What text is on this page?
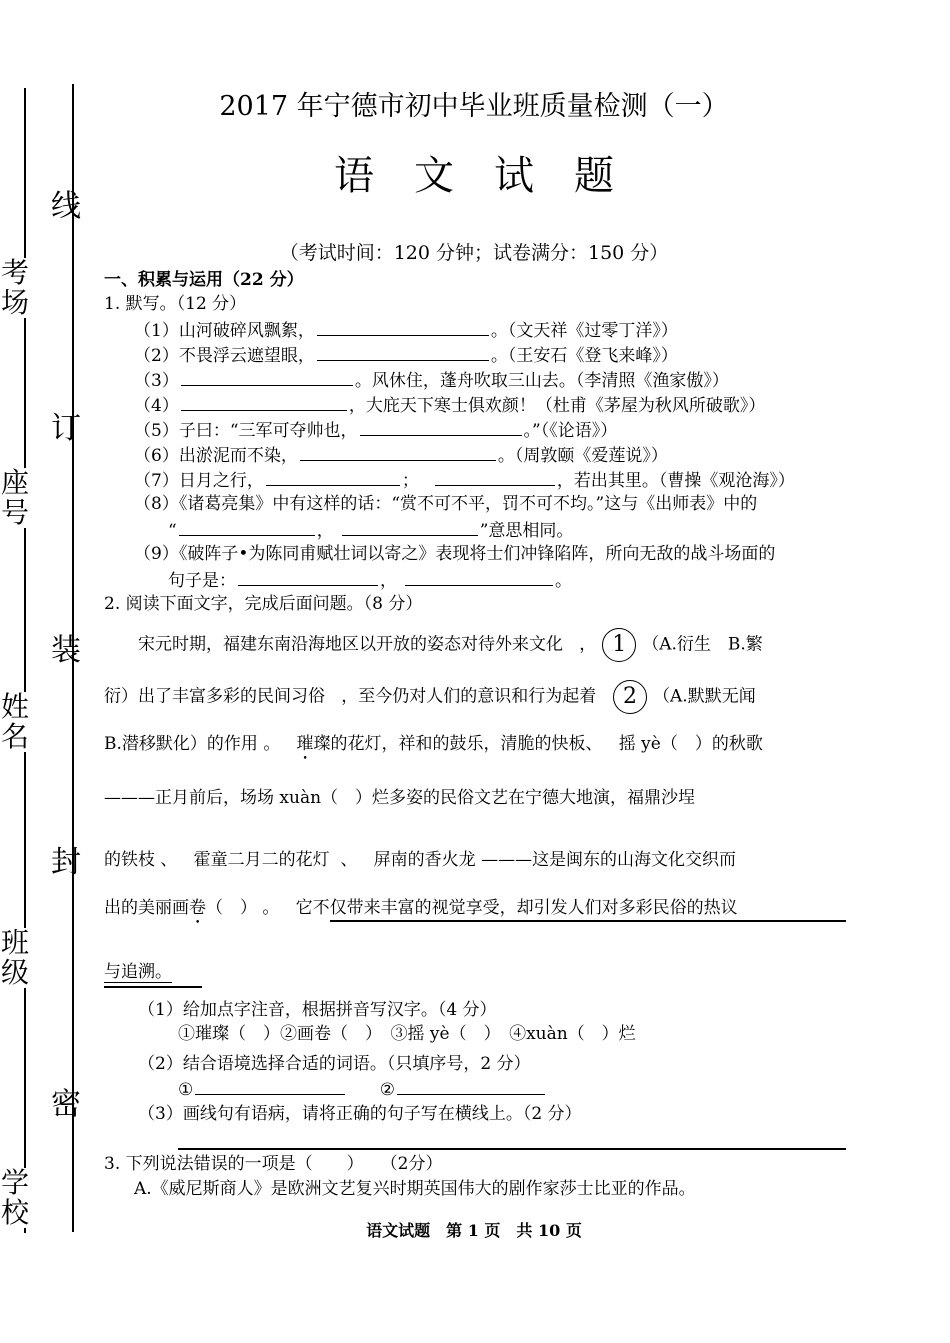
线
订
装
封
密
考场
座号
姓名
班级
学校
2017 年宁德市初中毕业班质量检测（一）
语文试题
（考试时间：120 分钟；试卷满分：150 分）
一、积累与运用（22 分）
1. 默写。（12 分）
（1）山河破碎风飘絮，	。（文天祥《过零丁洋》）
（2）不畏浮云遮望眼，	。（王安石《登飞来峰》）
（3）	。风休住，蓬舟吹取三山去。（李清照《渔家傲》）
（4）	，大庇天下寒士俱欢颜！（杜甫《茅屋为秋风所破歌》）
（5）子曰：“三军可夺帅也，	。”（《论语》）
（6）出淤泥而不染，	。（周敦颐《爱莲说》）
（7）日月之行，	；	，若出其里。（曹操《观沧海》）
（8）《诸葛亮集》中有这样的话：“赏不可不平，罚不可不均。”这与《出师表》中的
“	，	”意思相同。
（9）《破阵子•为陈同甫赋壮词以寄之》表现将士们冲锋陷阵，所向无敌的战斗场面的
句子是：	，	。
2. 阅读下面文字，完成后面问题。（8 分）
宋元时期，福建东南沿海地区以开放的姿态对待外来文化 ， 1 （A.衍生　B.繁
衍）出了丰富多彩的民间习俗 ，至今仍对人们的意识和行为起着 2 （A.默默无闻
B.潜移默化）的作用 。 璀璨的花灯，祥和的鼓乐，清脆的快板、 摇 yè（　）的秋歌
———正月前后，场场 xuàn（　）烂多姿的民俗文艺在宁德大地演，福鼎沙埕
的铁枝 、 霍童二月二的花灯 、 屏南的香火龙 ———这是闽东的山海文化交织而
出的美丽画卷（　） 。 它不仅带来丰富的视觉享受，却引发人们对多彩民俗的热议
与追溯。
（1）给加点字注音，根据拼音写汉字。（4 分）
①璀璨（　）②画卷（　）　③摇 yè（　）　④xuàn（　）烂
（2）结合语境选择合适的词语。（只填序号，2 分）
①	②
（3）画线句有语病，请将正确的句子写在横线上。（2 分）
3. 下列说法错误的一项是（　　）　　（2分）
A.《威尼斯商人》是欧洲文艺复兴时期英国伟大的剧作家莎士比亚的作品。
语文试题　第 1 页　共 10 页
